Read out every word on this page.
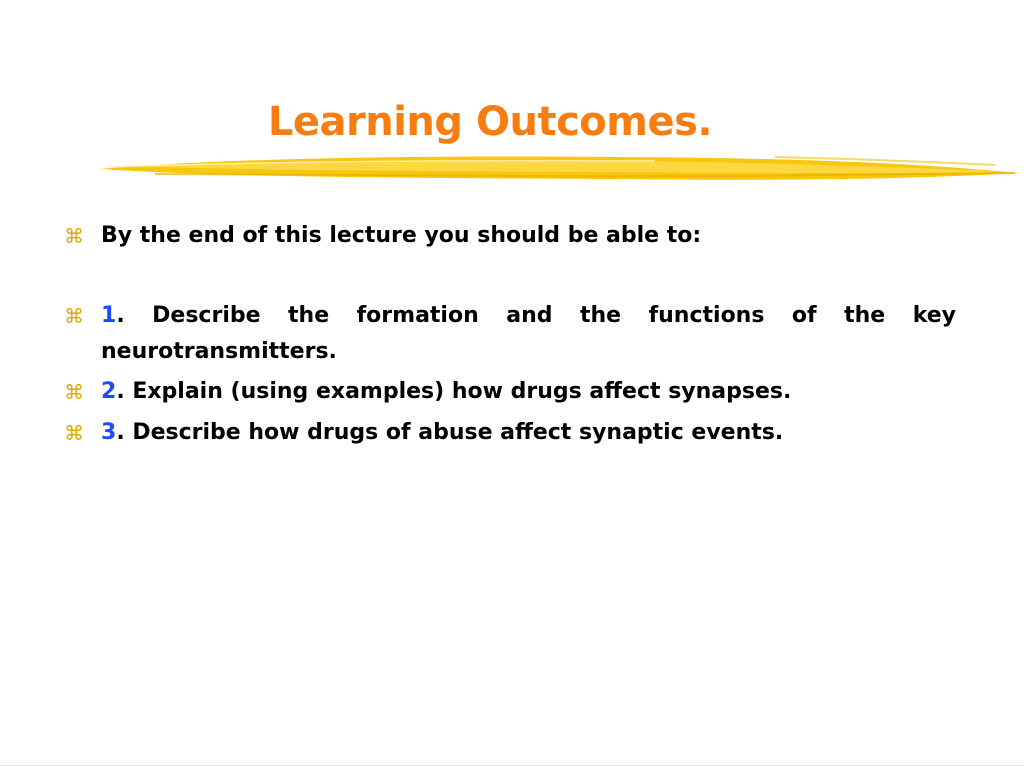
Learning Outcomes.
⌘ By the end of this lecture you should be able to:
⌘ 1. Describe the formation and the functions of the key neurotransmitters.
⌘ 2. Explain (using examples) how drugs affect synapses.
⌘ 3. Describe how drugs of abuse affect synaptic events.
